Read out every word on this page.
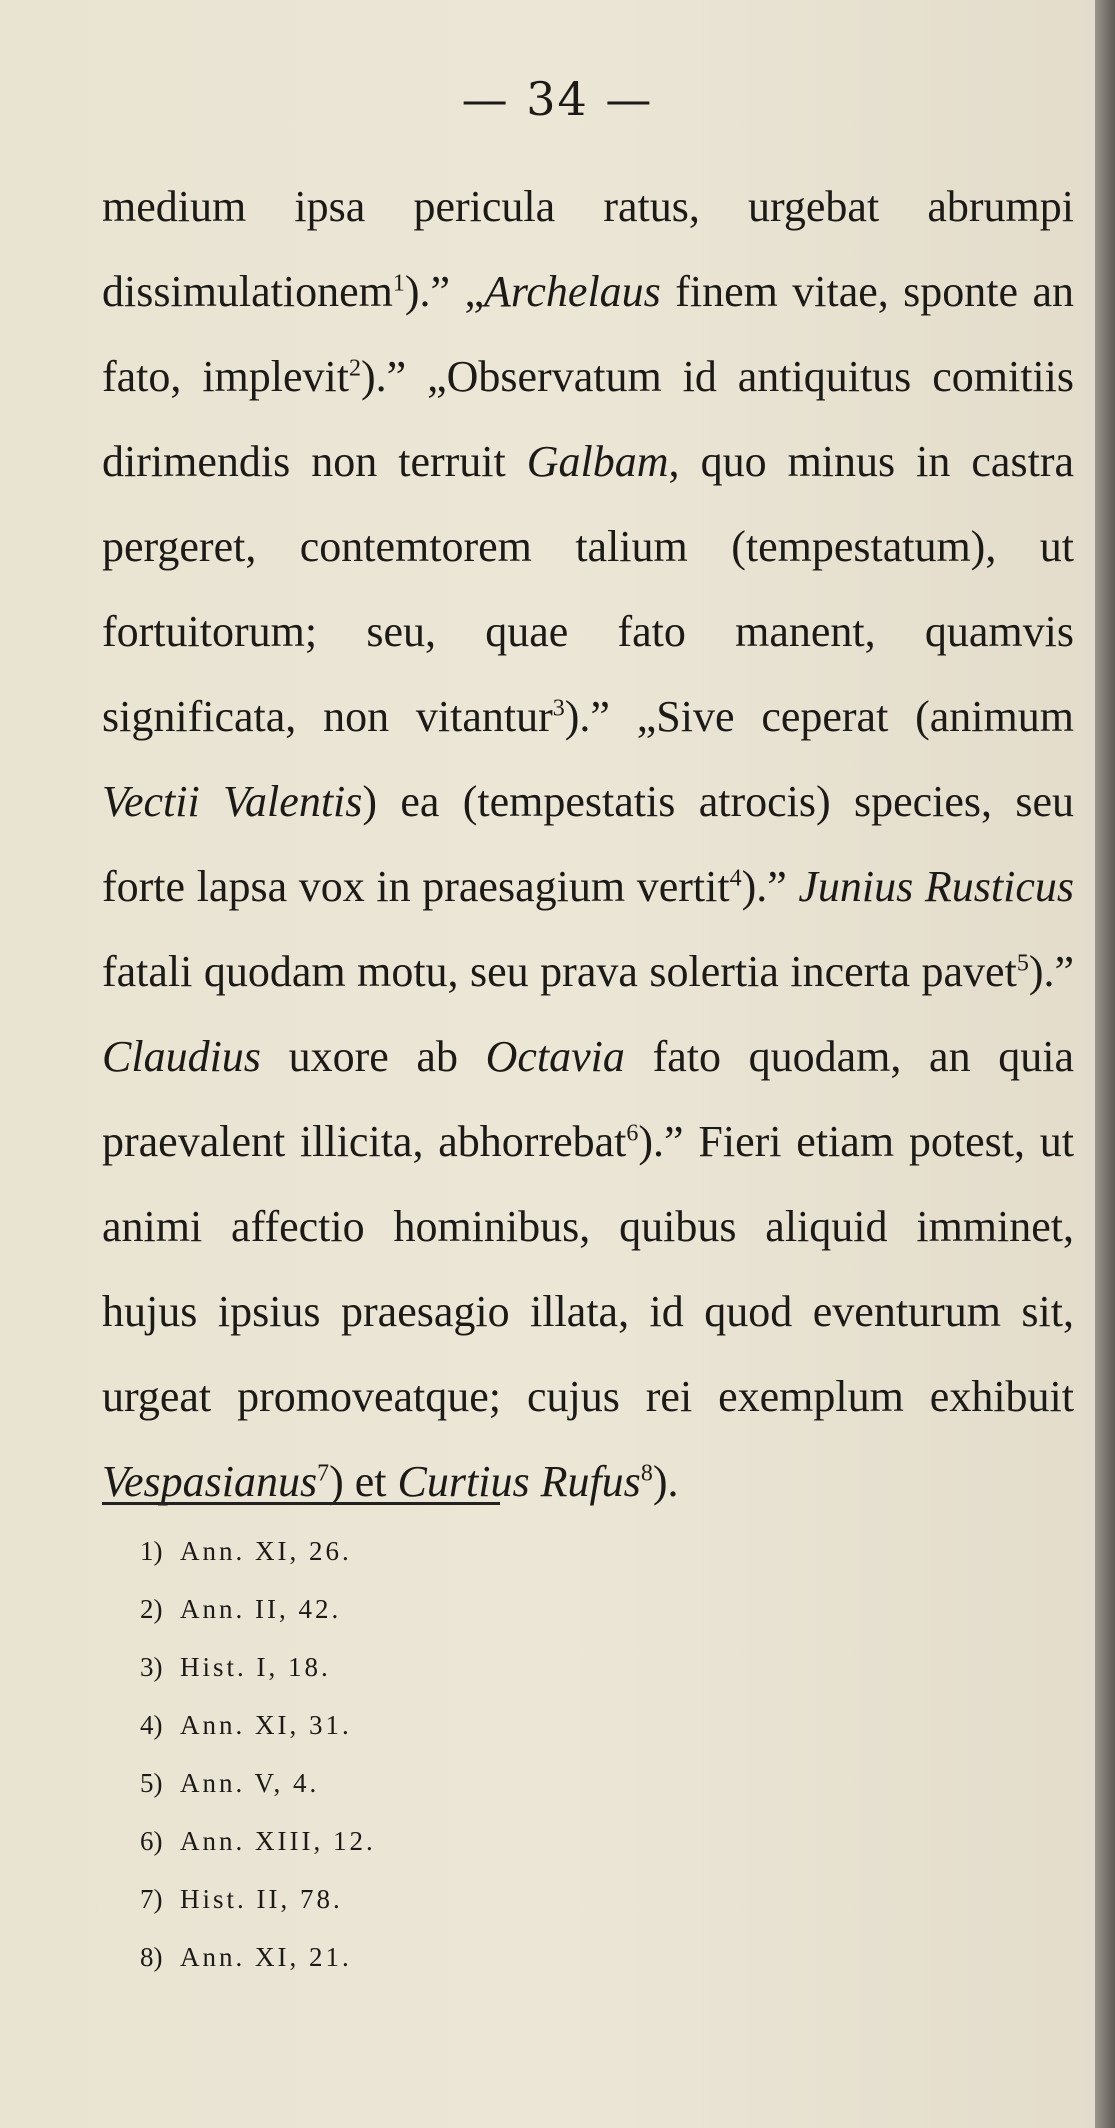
— 34 —
medium ipsa pericula ratus, urgebat abrumpi dissimulationem$^1$).” „Archelaus finem vitae, sponte an fato, implevit$^2$).” „Observatum id antiquitus comitiis dirimendis non terruit Galbam, quo minus in castra pergeret, contemtorem talium (tempestatum), ut fortuitorum; seu, quae fato manent, quamvis significata, non vitantur$^3$).” „Sive ceperat (animum Vectii Valentis) ea (tempestatis atrocis) species, seu forte lapsa vox in praesagium vertit$^4$).” Junius Rusticus fatali quodam motu, seu prava solertia incerta pavet$^5$).” Claudius uxore ab Octavia fato quodam, an quia praevalent illicita, abhorrebat$^6$).” Fieri etiam potest, ut animi affectio hominibus, quibus aliquid imminet, hujus ipsius praesagio illata, id quod eventurum sit, urgeat promoveatque; cujus rei exemplum exhibuit Vespasianus$^7$) et Curtius Rufus$^8$).
1) Ann. XI, 26.
2) Ann. II, 42.
3) Hist. I, 18.
4) Ann. XI, 31.
5) Ann. V, 4.
6) Ann. XIII, 12.
7) Hist. II, 78.
8) Ann. XI, 21.
